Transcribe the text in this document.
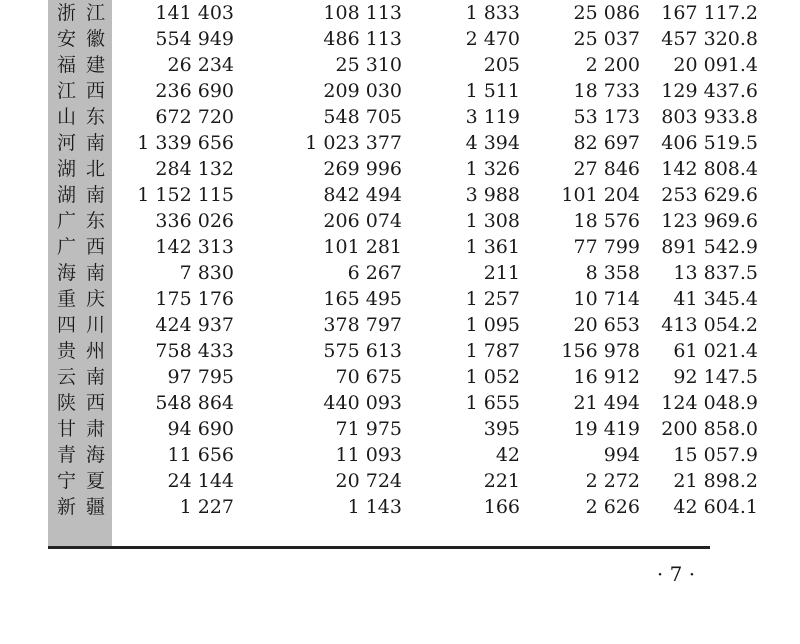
浙江	141 403	108 113	1 833	25 086	167 117.2
安徽	554 949	486 113	2 470	25 037	457 320.8
福建	26 234	25 310	205	2 200	20 091.4
江西	236 690	209 030	1 511	18 733	129 437.6
山东	672 720	548 705	3 119	53 173	803 933.8
河南	1 339 656	1 023 377	4 394	82 697	406 519.5
湖北	284 132	269 996	1 326	27 846	142 808.4
湖南	1 152 115	842 494	3 988	101 204	253 629.6
广东	336 026	206 074	1 308	18 576	123 969.6
广西	142 313	101 281	1 361	77 799	891 542.9
海南	7 830	6 267	211	8 358	13 837.5
重庆	175 176	165 495	1 257	10 714	41 345.4
四川	424 937	378 797	1 095	20 653	413 054.2
贵州	758 433	575 613	1 787	156 978	61 021.4
云南	97 795	70 675	1 052	16 912	92 147.5
陕西	548 864	440 093	1 655	21 494	124 048.9
甘肃	94 690	71 975	395	19 419	200 858.0
青海	11 656	11 093	42	994	15 057.9
宁夏	24 144	20 724	221	2 272	21 898.2
新疆	1 227	1 143	166	2 626	42 604.1
· 7 ·
